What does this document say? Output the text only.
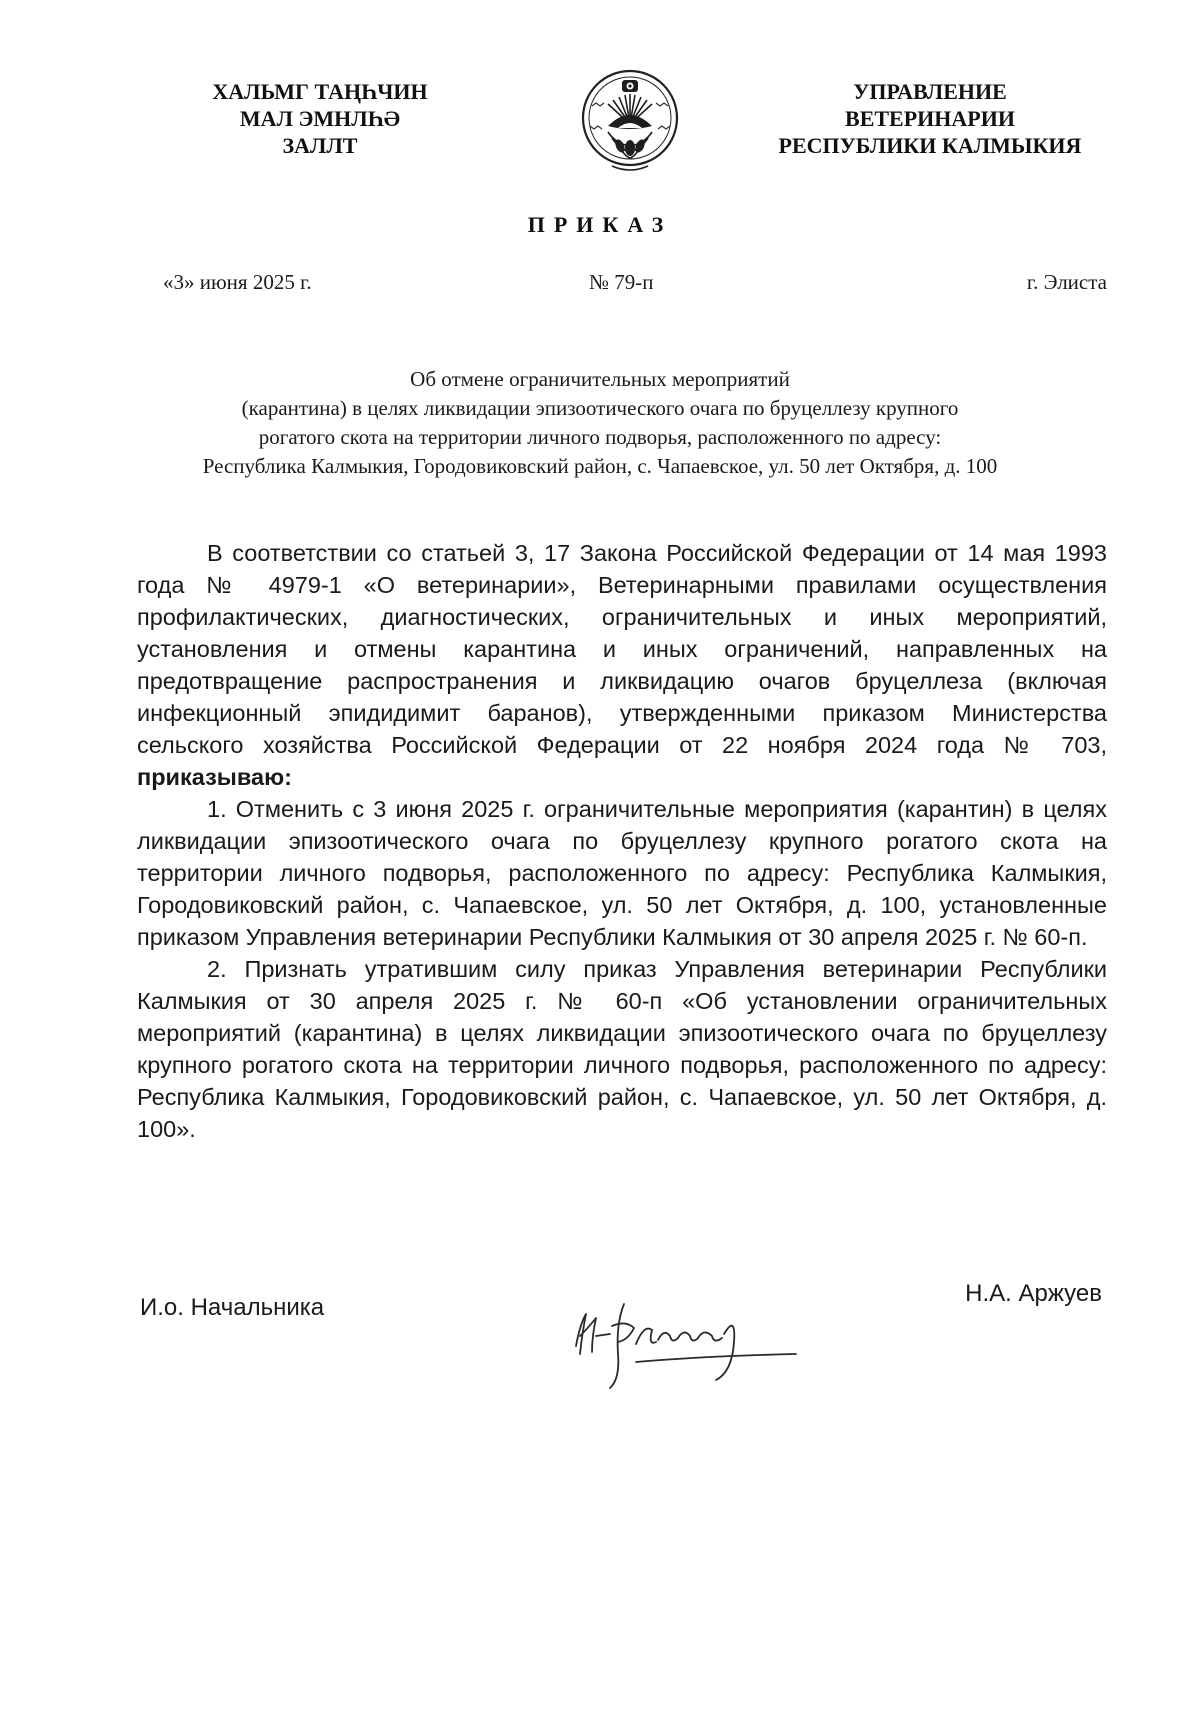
ХАЛЬМГ ТАҢҺЧИН
МАЛ ЭМНЛҺӘ
ЗАЛЛТ
УПРАВЛЕНИЕ
ВЕТЕРИНАРИИ
РЕСПУБЛИКИ КАЛМЫКИЯ
ПРИКАЗ
«3» июня 2025 г.	№ 79-п	г. Элиста
Об отмене ограничительных мероприятий
(карантина) в целях ликвидации эпизоотического очага по бруцеллезу крупного
рогатого скота на территории личного подворья, расположенного по адресу:
Республика Калмыкия, Городовиковский район, с. Чапаевское, ул. 50 лет Октября, д. 100

В соответствии со статьей 3, 17 Закона Российской Федерации от 14 мая 1993 года № 4979-1 «О ветеринарии», Ветеринарными правилами осуществления профилактических, диагностических, ограничительных и иных мероприятий, установления и отмены карантина и иных ограничений, направленных на предотвращение распространения и ликвидацию очагов бруцеллеза (включая инфекционный эпидидимит баранов), утвержденными приказом Министерства сельского хозяйства Российской Федерации от 22 ноября 2024 года № 703, приказываю:

1. Отменить с 3 июня 2025 г. ограничительные мероприятия (карантин) в целях ликвидации эпизоотического очага по бруцеллезу крупного рогатого скота на территории личного подворья, расположенного по адресу: Республика Калмыкия, Городовиковский район, с. Чапаевское, ул. 50 лет Октября, д. 100, установленные приказом Управления ветеринарии Республики Калмыкия от 30 апреля 2025 г. № 60-п.

2. Признать утратившим силу приказ Управления ветеринарии Республики Калмыкия от 30 апреля 2025 г. № 60-п «Об установлении ограничительных мероприятий (карантина) в целях ликвидации эпизоотического очага по бруцеллезу крупного рогатого скота на территории личного подворья, расположенного по адресу: Республика Калмыкия, Городовиковский район, с. Чапаевское, ул. 50 лет Октября, д. 100».

И.о. Начальника
Н.А. Аржуев
